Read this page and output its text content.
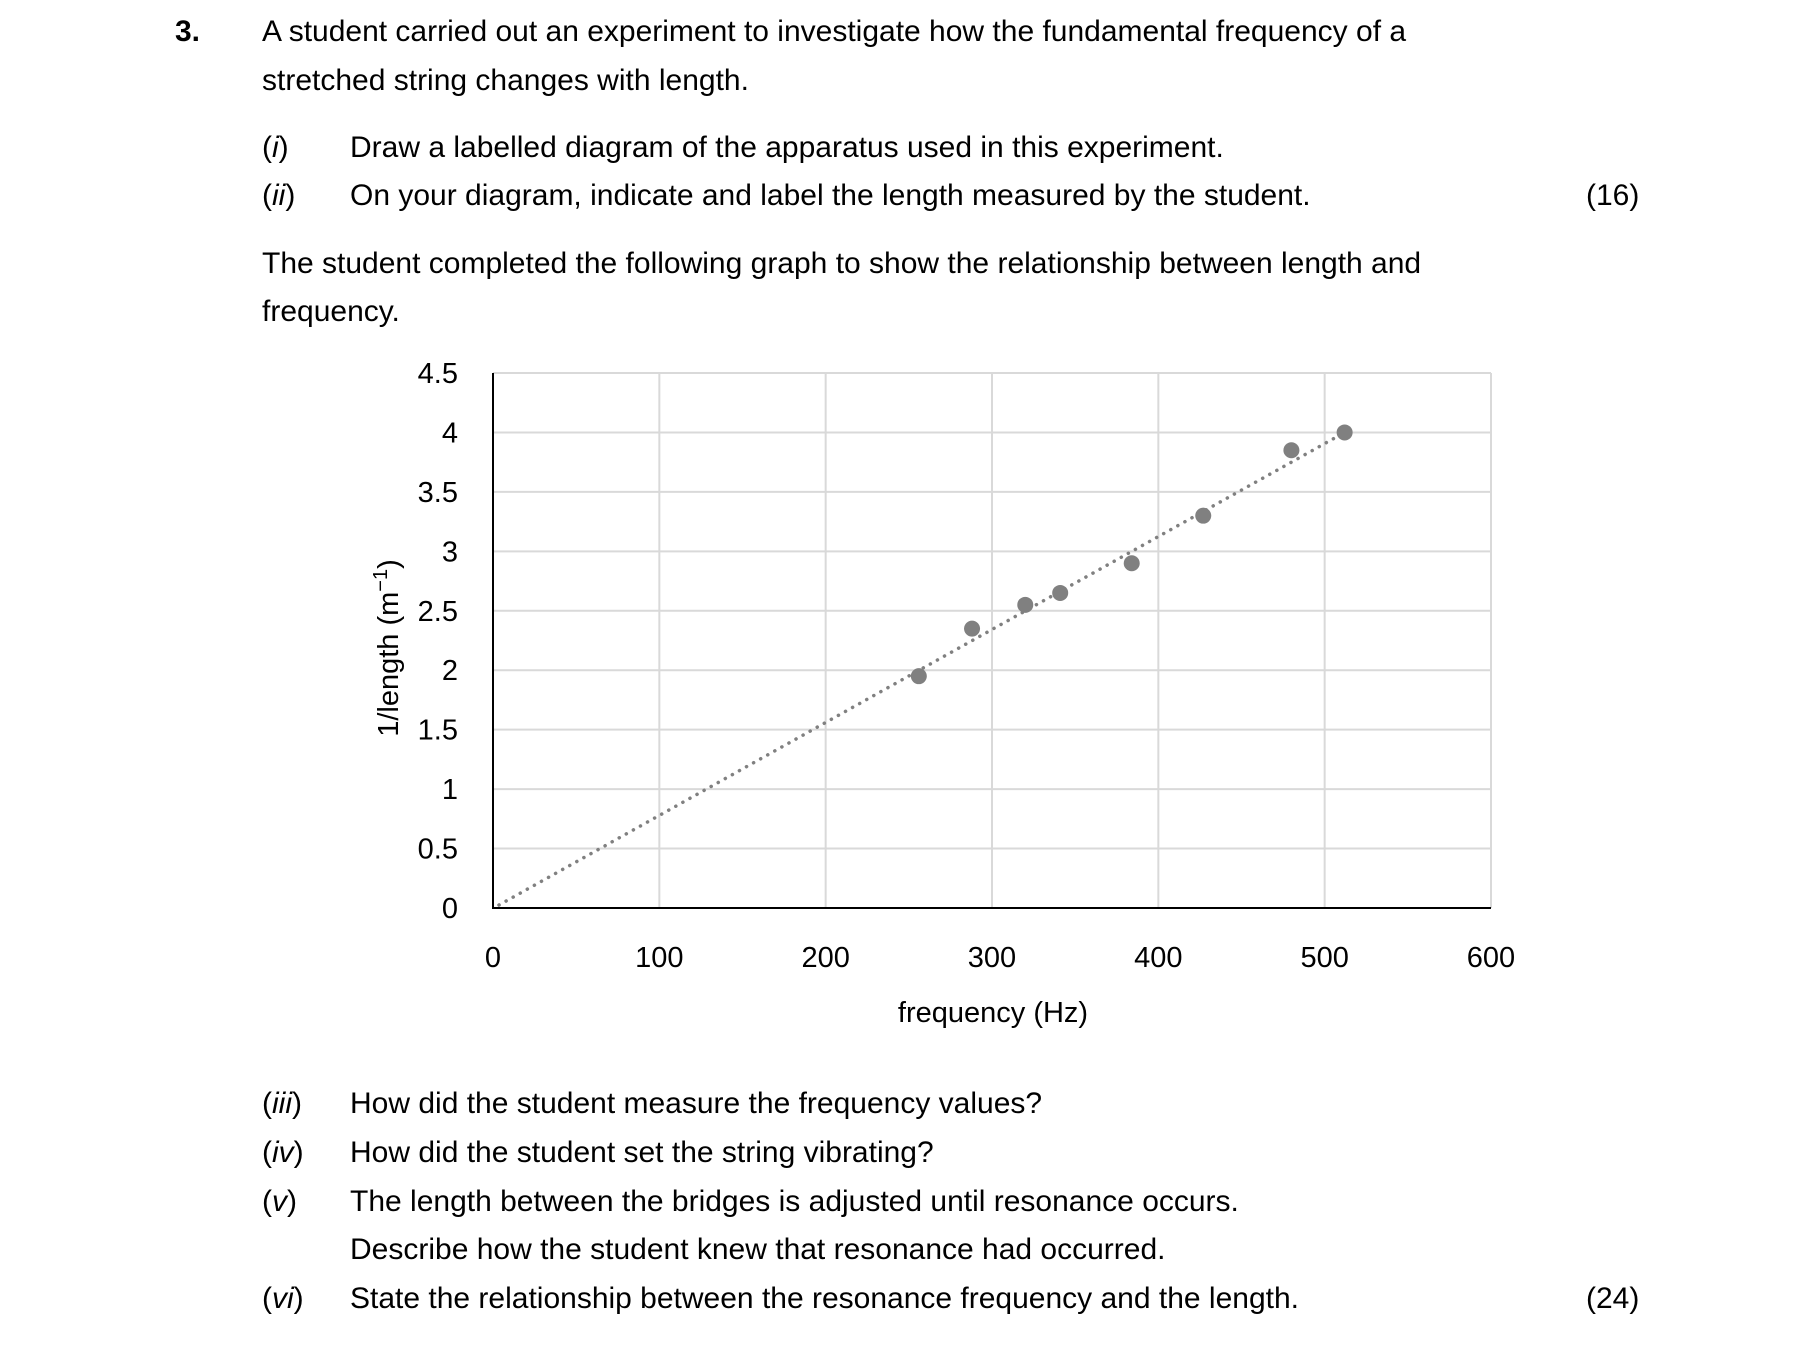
3. A student carried out an experiment to investigate how the fundamental frequency of a
stretched string changes with length.
(i) Draw a labelled diagram of the apparatus used in this experiment.
(ii) On your diagram, indicate and label the length measured by the student.	(16)
The student completed the following graph to show the relationship between length and
frequency.
0
0.5
1
1.5
2
2.5
3
3.5
4
4.5
0	100	200	300	400	500	600
frequency (Hz)
1/length $(m^{-1})$
(iii) How did the student measure the frequency values?
(iv) How did the student set the string vibrating?
(v) The length between the bridges is adjusted until resonance occurs.
Describe how the student knew that resonance had occurred.
(vi) State the relationship between the resonance frequency and the length.	(24)
